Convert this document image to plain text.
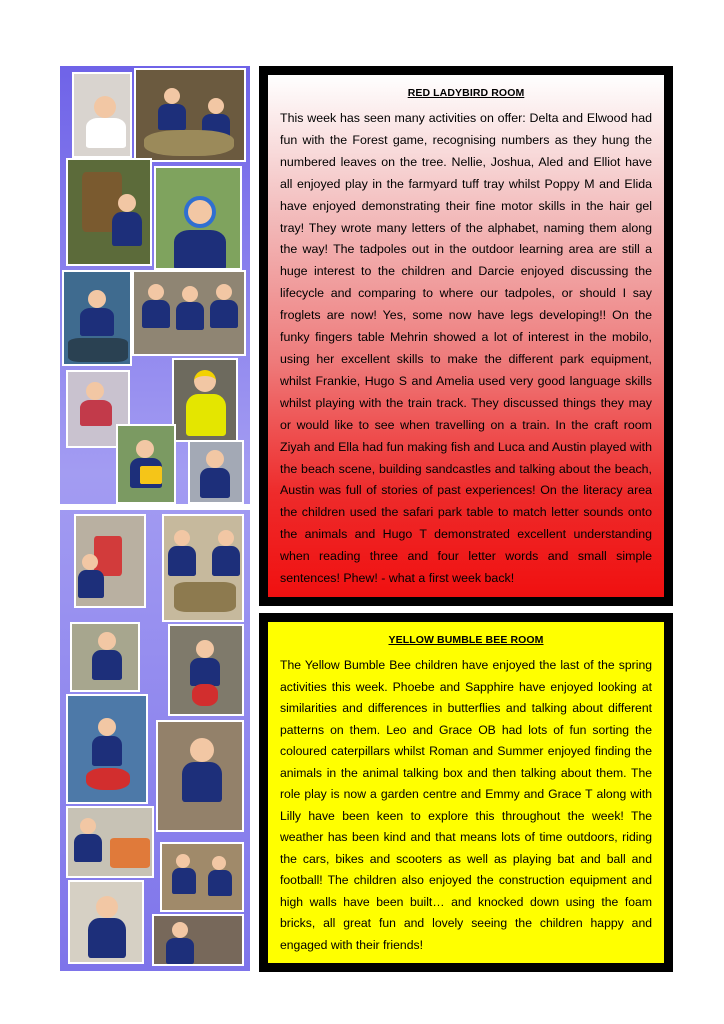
RED LADYBIRD ROOM

This week has seen many activities on offer: Delta and Elwood had fun with the Forest game, recognising numbers as they hung the numbered leaves on the tree. Nellie, Joshua, Aled and Elliot have all enjoyed play in the farmyard tuff tray whilst Poppy M and Elida have enjoyed demonstrating their fine motor skills in the hair gel tray! They wrote many letters of the alphabet, naming them along the way! The tadpoles out in the outdoor learning area are still a huge interest to the children and Darcie enjoyed discussing the lifecycle and comparing to where our tadpoles, or should I say froglets are now! Yes, some now have legs developing!! On the funky fingers table Mehrin showed a lot of interest in the mobilo, using her excellent skills to make the different park equipment, whilst Frankie, Hugo S and Amelia used very good language skills whilst playing with the train track. They discussed things they may or would like to see when travelling on a train. In the craft room Ziyah and Ella had fun making fish and Luca and Austin played with the beach scene, building sandcastles and talking about the beach, Austin was full of stories of past experiences! On the literacy area the children used the safari park table to match letter sounds onto the animals and Hugo T demonstrated excellent understanding when reading three and four letter words and small simple sentences! Phew! - what a first week back!

YELLOW BUMBLE BEE ROOM

The Yellow Bumble Bee children have enjoyed the last of the spring activities this week. Phoebe and Sapphire have enjoyed looking at similarities and differences in butterflies and talking about different patterns on them. Leo and Grace OB had lots of fun sorting the coloured caterpillars whilst Roman and Summer enjoyed finding the animals in the animal talking box and then talking about them. The role play is now a garden centre and Emmy and Grace T along with Lilly have been keen to explore this throughout the week! The weather has been kind and that means lots of time outdoors, riding the cars, bikes and scooters as well as playing bat and ball and football! The children also enjoyed the construction equipment and high walls have been built… and knocked down using the foam bricks, all great fun and lovely seeing the children happy and engaged with their friends!
